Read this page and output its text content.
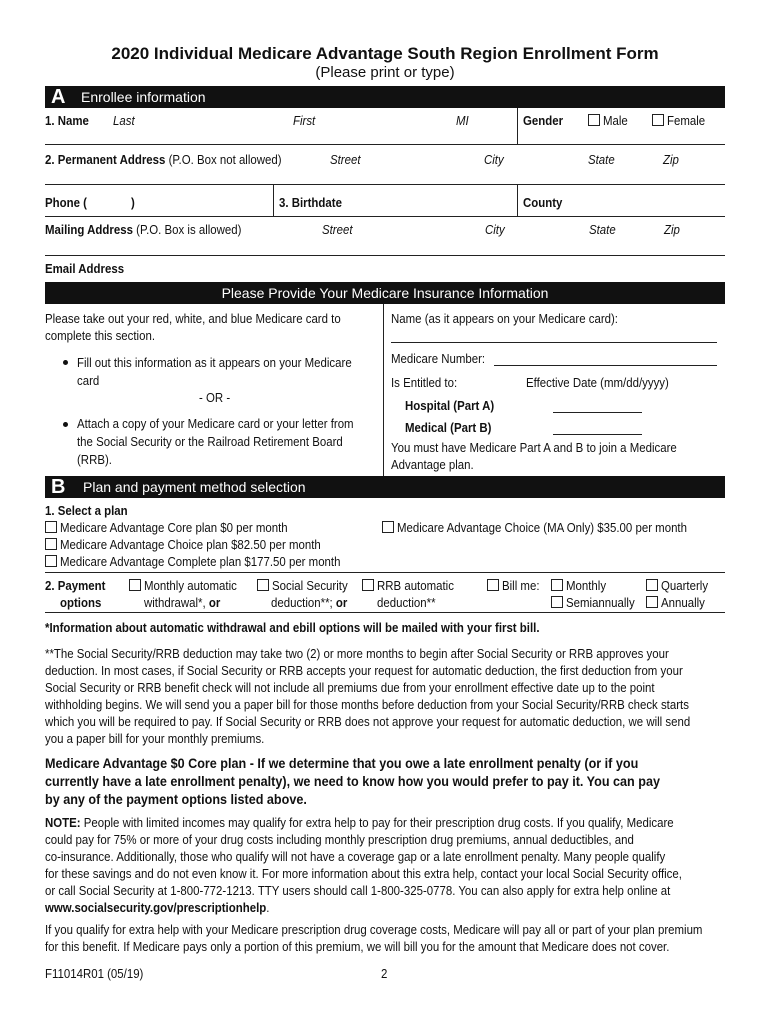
2020 Individual Medicare Advantage South Region Enrollment Form
(Please print or type)
A Enrollee information
1. Name Last	First	MI	Gender	Male	Female
2. Permanent Address (P.O. Box not allowed)	Street	City	State	Zip
Phone (	)	3. Birthdate	County
Mailing Address (P.O. Box is allowed)	Street	City	State	Zip
Email Address
Please Provide Your Medicare Insurance Information
Please take out your red, white, and blue Medicare card to
complete this section.
Fill out this information as it appears on your Medicare
card
- OR -
Attach a copy of your Medicare card or your letter from
the Social Security or the Railroad Retirement Board
(RRB).
Name (as it appears on your Medicare card):
Medicare Number:
Is Entitled to:	Effective Date (mm/dd/yyyy)
Hospital (Part A)
Medical (Part B)
You must have Medicare Part A and B to join a Medicare
Advantage plan.
B Plan and payment method selection
1. Select a plan
Medicare Advantage Core plan $0 per month
Medicare Advantage Choice plan $82.50 per month
Medicare Advantage Complete plan $177.50 per month
Medicare Advantage Choice (MA Only) $35.00 per month
2. Payment
options
Monthly automatic
withdrawal*, or
Social Security
deduction**; or
RRB automatic
deduction**
Bill me:	Monthly	Quarterly
Semiannually	Annually
*Information about automatic withdrawal and ebill options will be mailed with your first bill.
**The Social Security/RRB deduction may take two (2) or more months to begin after Social Security or RRB approves your
deduction. In most cases, if Social Security or RRB accepts your request for automatic deduction, the first deduction from your
Social Security or RRB benefit check will not include all premiums due from your enrollment effective date up to the point
withholding begins. We will send you a paper bill for those months before deduction from your Social Security/RRB check starts
which you will be required to pay. If Social Security or RRB does not approve your request for automatic deduction, we will send
you a paper bill for your monthly premiums.
Medicare Advantage $0 Core plan - If we determine that you owe a late enrollment penalty (or if you
currently have a late enrollment penalty), we need to know how you would prefer to pay it. You can pay
by any of the payment options listed above.
NOTE: People with limited incomes may qualify for extra help to pay for their prescription drug costs. If you qualify, Medicare
could pay for 75% or more of your drug costs including monthly prescription drug premiums, annual deductibles, and
co-insurance. Additionally, those who qualify will not have a coverage gap or a late enrollment penalty. Many people qualify
for these savings and do not even know it. For more information about this extra help, contact your local Social Security office,
or call Social Security at 1-800-772-1213. TTY users should call 1-800-325-0778. You can also apply for extra help online at
www.socialsecurity.gov/prescriptionhelp.
If you qualify for extra help with your Medicare prescription drug coverage costs, Medicare will pay all or part of your plan premium
for this benefit. If Medicare pays only a portion of this premium, we will bill you for the amount that Medicare does not cover.
F11014R01 (05/19)	2
